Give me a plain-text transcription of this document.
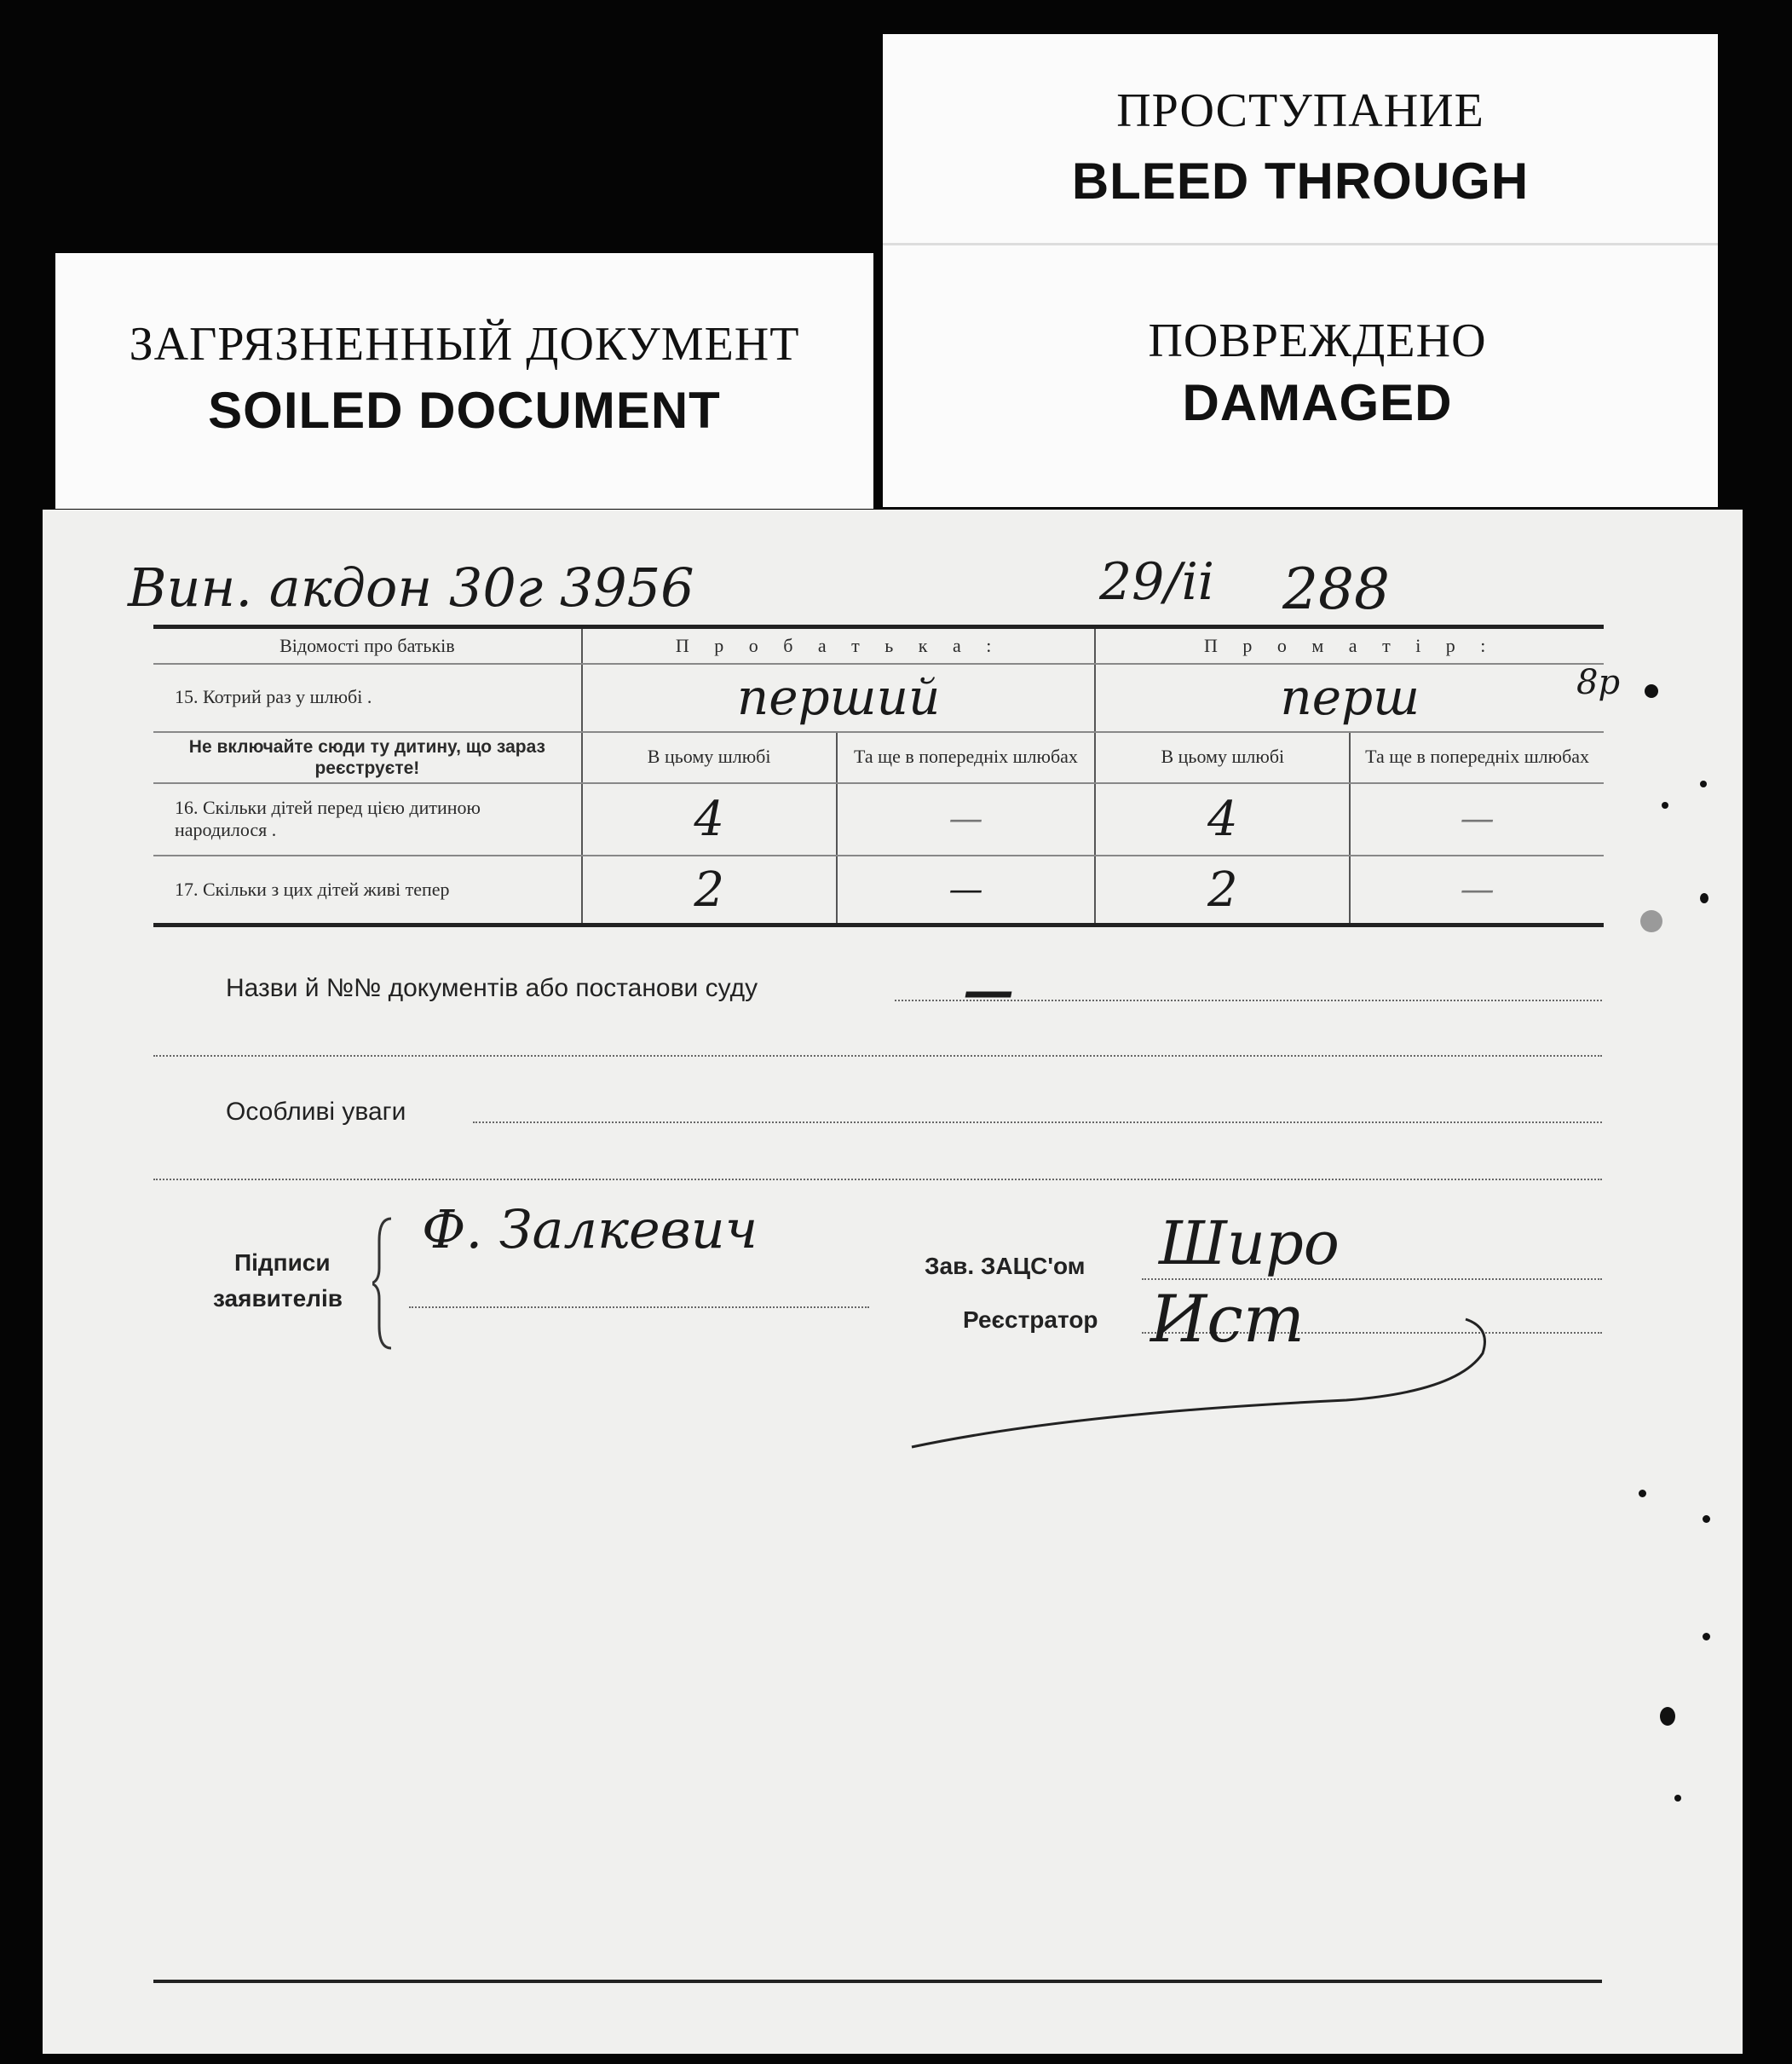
ПРОСТУПАНИЕ
BLEED THROUGH
ПОВРЕЖДЕНО
DAMAGED
ЗАГРЯЗНЕННЫЙ ДОКУМЕНТ
SOILED DOCUMENT
Вин. акдон 30г 3956	29/ii 288
8р
Відомості про батьків	П р о б а т ь к а :		П р о м а т і р :	
15. Котрий раз у шлюбі .	перший		перш	
Не включайте сюди ту дитину, що зараз реєструєте!	В цьому шлюбі	Та ще в попередніх шлюбах	В цьому шлюбі	Та ще в попередніх шлюбах
16. Скільки дітей перед цією дитиною народилося .	4	—	4	—
17. Скільки з цих дітей живі тепер	2	—	2	—
Назви й №№ документів або постанови суду	—
Особливі уваги
Підписи
заявителів
Ф. Залкевич
Зав. ЗАЦС'ом Широ
Реєстратор Ист
